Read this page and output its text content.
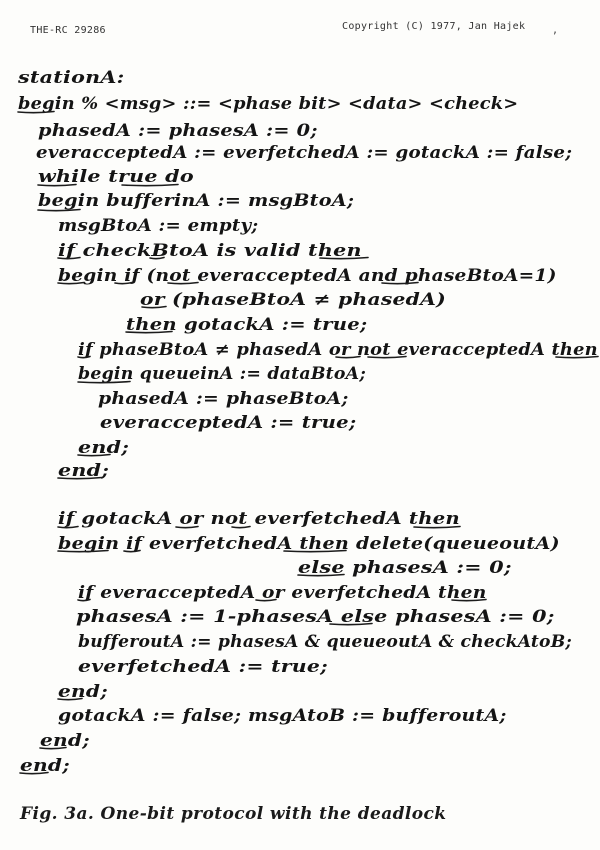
THE-RC 29286	Copyright (C) 1977, Jan Hajek ‚
stationA:
begin % <msg> ::= <phase bit> <data> <check>
phasedA := phasesA := 0;
everacceptedA := everfetchedA := gotackA := false;
while true do
begin bufferinA := msgBtoA;
msgBtoA := empty;
if checkBtoA is valid then
begin if (not everacceptedA and phaseBtoA=1)
or (phaseBtoA ≠ phasedA)
then gotackA := true;
if phaseBtoA ≠ phasedA or not everacceptedA then
begin queueinA := dataBtoA;
phasedA := phaseBtoA;
everacceptedA := true;
end;
end;
if gotackA or not everfetchedA then
begin if everfetchedA then delete(queueoutA)
else phasesA := 0;
if everacceptedA or everfetchedA then
phasesA := 1-phasesA else phasesA := 0;
bufferoutA := phasesA & queueoutA & checkAtoB;
everfetchedA := true;
end;
gotackA := false; msgAtoB := bufferoutA;
end;
end;
Fig. 3a. One-bit protocol with the deadlock
